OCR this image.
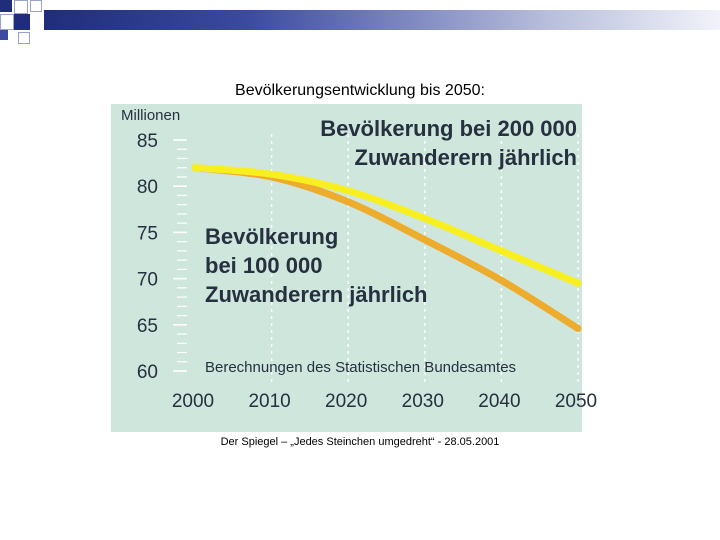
Bevölkerungsentwicklung bis 2050:
60
65
70
75
80
85
Millionen
2000 2010 2020 2030 2040 2050
Bevölkerung bei 200 000
Zuwanderern jährlich
Bevölkerung
bei 100 000
Zuwanderern jährlich
Berechnungen des Statistischen Bundesamtes
Der Spiegel – „Jedes Steinchen umgedreht“ - 28.05.2001
